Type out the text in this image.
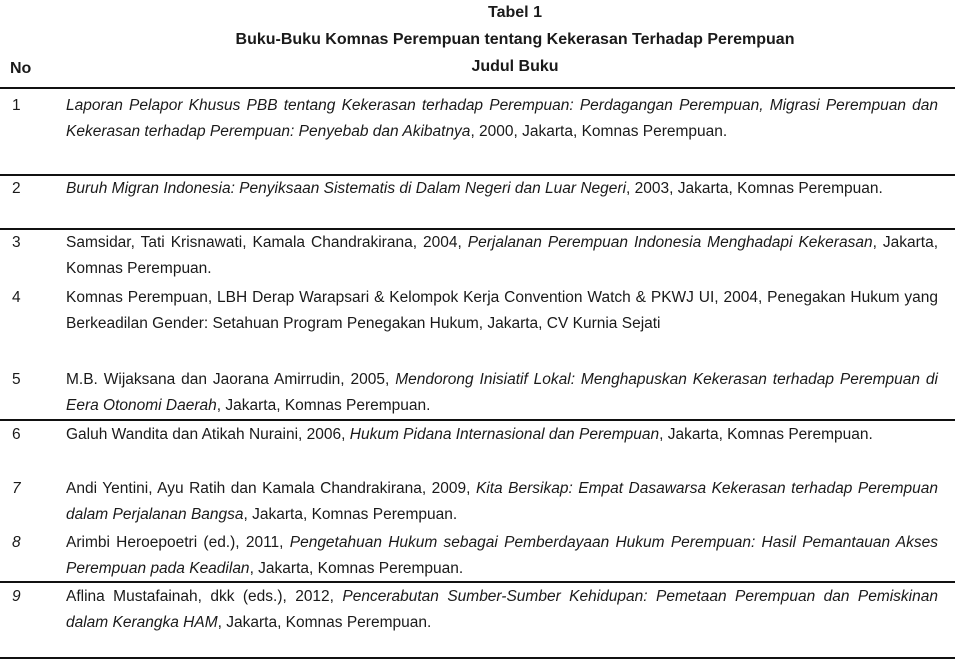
Tabel 1
Buku-Buku Komnas Perempuan tentang Kekerasan Terhadap Perempuan
No	Judul Buku
1	Laporan Pelapor Khusus PBB tentang Kekerasan terhadap Perempuan: Perdagangan Perempuan, Migrasi Perempuan dan Kekerasan terhadap Perempuan: Penyebab dan Akibatnya, 2000, Jakarta, Komnas Perempuan.

2	Buruh Migran Indonesia: Penyiksaan Sistematis di Dalam Negeri dan Luar Negeri, 2003, Jakarta, Komnas Perempuan.

3	Samsidar, Tati Krisnawati, Kamala Chandrakirana, 2004, Perjalanan Perempuan Indonesia Menghadapi Kekerasan, Jakarta, Komnas Perempuan.

4	Komnas Perempuan, LBH Derap Warapsari & Kelompok Kerja Convention Watch & PKWJ UI, 2004, Penegakan Hukum yang Berkeadilan Gender: Setahuan Program Penegakan Hukum, Jakarta, CV Kurnia Sejati

5	M.B. Wijaksana dan Jaorana Amirrudin, 2005, Mendorong Inisiatif Lokal: Menghapuskan Kekerasan terhadap Perempuan di Eera Otonomi Daerah, Jakarta, Komnas Perempuan.

6	Galuh Wandita dan Atikah Nuraini, 2006, Hukum Pidana Internasional dan Perempuan, Jakarta, Komnas Perempuan.

7	Andi Yentini, Ayu Ratih dan Kamala Chandrakirana, 2009, Kita Bersikap: Empat Dasawarsa Kekerasan terhadap Perempuan dalam Perjalanan Bangsa, Jakarta, Komnas Perempuan.

8	Arimbi Heroepoetri (ed.), 2011, Pengetahuan Hukum sebagai Pemberdayaan Hukum Perempuan: Hasil Pemantauan Akses Perempuan pada Keadilan, Jakarta, Komnas Perempuan.

9	Aflina Mustafainah, dkk (eds.), 2012, Pencerabutan Sumber-Sumber Kehidupan: Pemetaan Perempuan dan Pemiskinan dalam Kerangka HAM, Jakarta, Komnas Perempuan.
